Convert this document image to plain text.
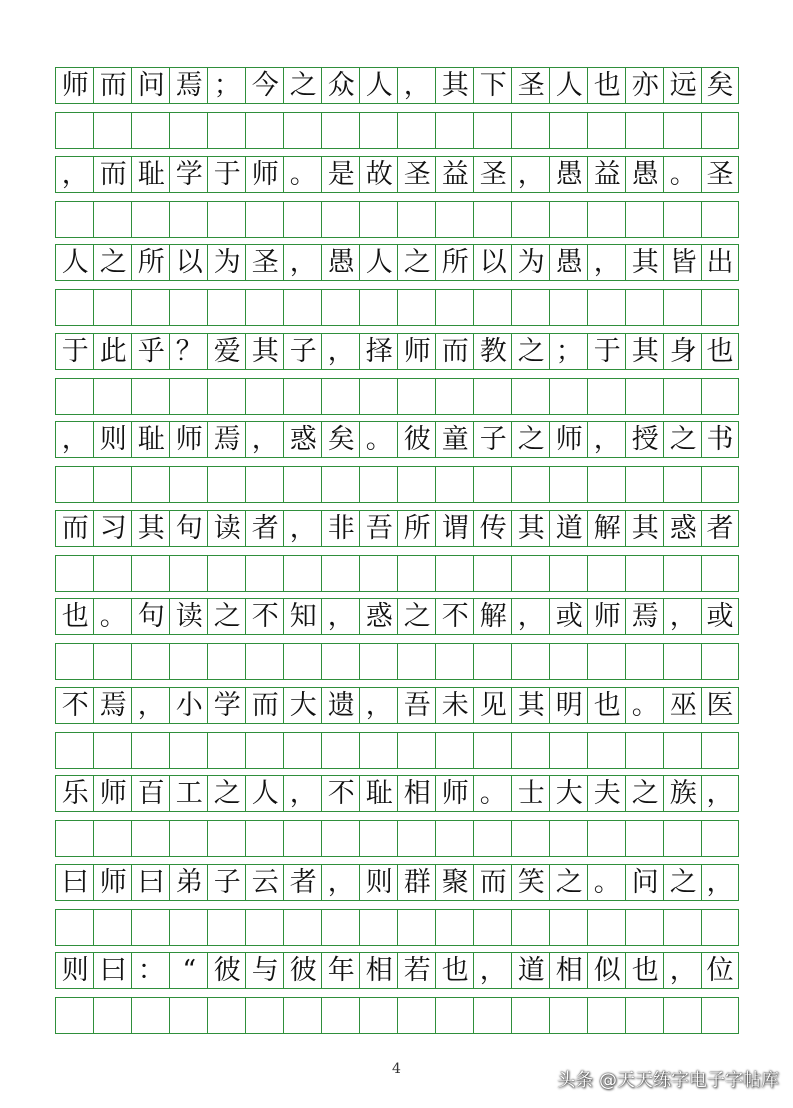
师 而 问 焉 ； 今 之 众 人 ， 其 下 圣 人 也 亦 远 矣
， 而 耻 学 于 师 。 是 故 圣 益 圣 ， 愚 益 愚 。 圣
人 之 所 以 为 圣 ， 愚 人 之 所 以 为 愚 ， 其 皆 出
于 此 乎 ？ 爱 其 子 ， 择 师 而 教 之 ； 于 其 身 也
， 则 耻 师 焉 ， 惑 矣 。 彼 童 子 之 师 ， 授 之 书
而 习 其 句 读 者 ， 非 吾 所 谓 传 其 道 解 其 惑 者
也 。 句 读 之 不 知 ， 惑 之 不 解 ， 或 师 焉 ， 或
不 焉 ， 小 学 而 大 遗 ， 吾 未 见 其 明 也 。 巫 医
乐 师 百 工 之 人 ， 不 耻 相 师 。 士 大 夫 之 族 ，
曰 师 曰 弟 子 云 者 ， 则 群 聚 而 笑 之 。 问 之 ，
则 曰 ： “ 彼 与 彼 年 相 若 也 ， 道 相 似 也 ， 位
4
头条 @天天练字电子字帖库
